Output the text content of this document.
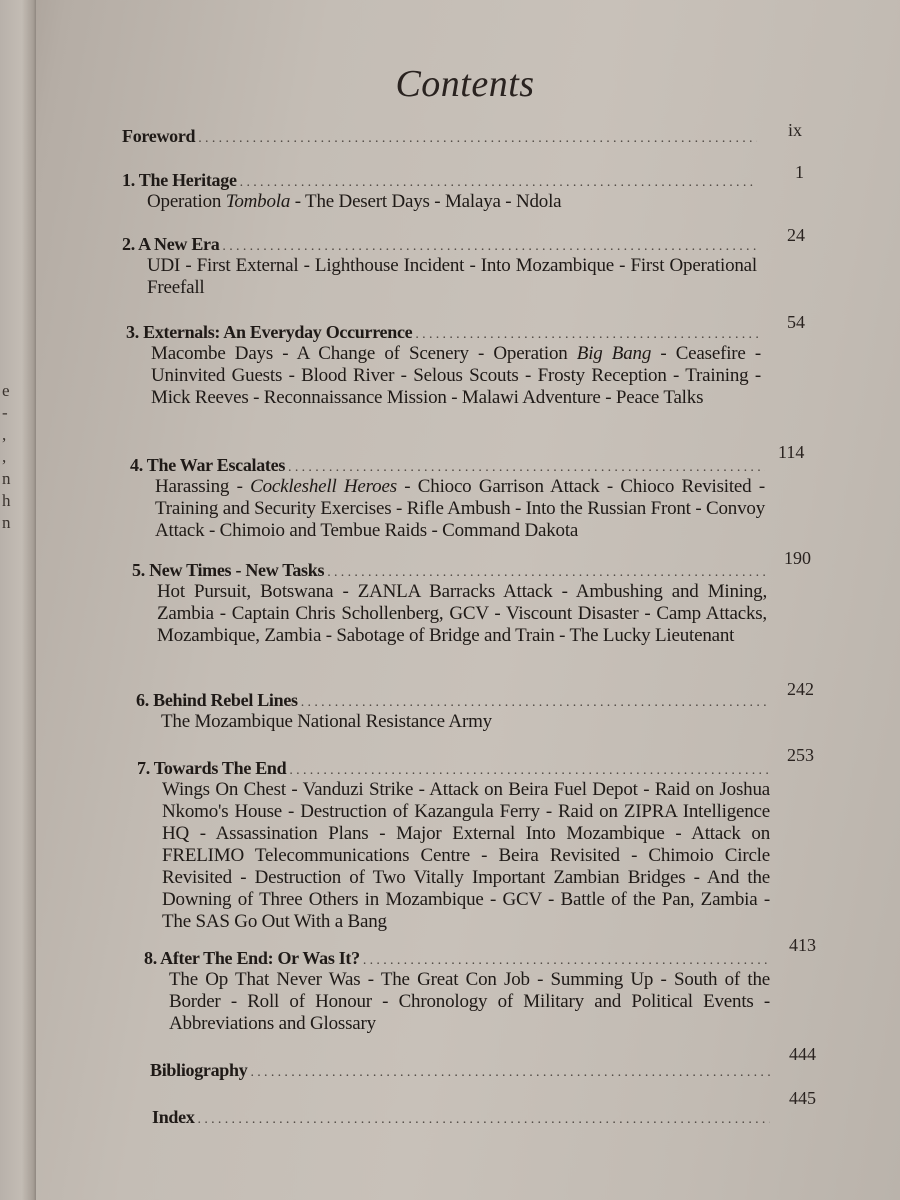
e
-
,
,
n
h
n
Contents
Foreword .....	ix
1. The Heritage
.....
Operation Tombola - The Desert Days - Malaya - Ndola
1
2. A New Era
.....
UDI - First External - Lighthouse Incident - Into Mozambique - First Operational Freefall
24
3. Externals: An Everyday Occurrence
.....
Macombe Days - A Change of Scenery - Operation Big Bang - Ceasefire - Uninvited Guests - Blood River - Selous Scouts - Frosty Reception - Training - Mick Reeves - Reconnaissance Mission - Malawi Adventure - Peace Talks
54
4. The War Escalates
.....
Harassing - Cockleshell Heroes - Chioco Garrison Attack - Chioco Revisited - Training and Security Exercises - Rifle Ambush - Into the Russian Front - Convoy Attack - Chimoio and Tembue Raids - Command Dakota
114
5. New Times - New Tasks
.....
Hot Pursuit, Botswana - ZANLA Barracks Attack - Ambushing and Mining, Zambia - Captain Chris Schollenberg, GCV - Viscount Disaster - Camp Attacks, Mozambique, Zambia - Sabotage of Bridge and Train - The Lucky Lieutenant
190
6. Behind Rebel Lines
.....
The Mozambique National Resistance Army
242
7. Towards The End
.....
Wings On Chest - Vanduzi Strike - Attack on Beira Fuel Depot - Raid on Joshua Nkomo's House - Destruction of Kazangula Ferry - Raid on ZIPRA Intelligence HQ - Assassination Plans - Major External Into Mozambique - Attack on FRELIMO Telecommunications Centre - Beira Revisited - Chimoio Circle Revisited - Destruction of Two Vitally Important Zambian Bridges - And the Downing of Three Others in Mozambique - GCV - Battle of the Pan, Zambia - The SAS Go Out With a Bang
253
8. After The End: Or Was It?
.....
The Op That Never Was - The Great Con Job - Summing Up - South of the Border - Roll of Honour - Chronology of Military and Political Events - Abbreviations and Glossary
413
Bibliography
.....
444
Index
.....
445
